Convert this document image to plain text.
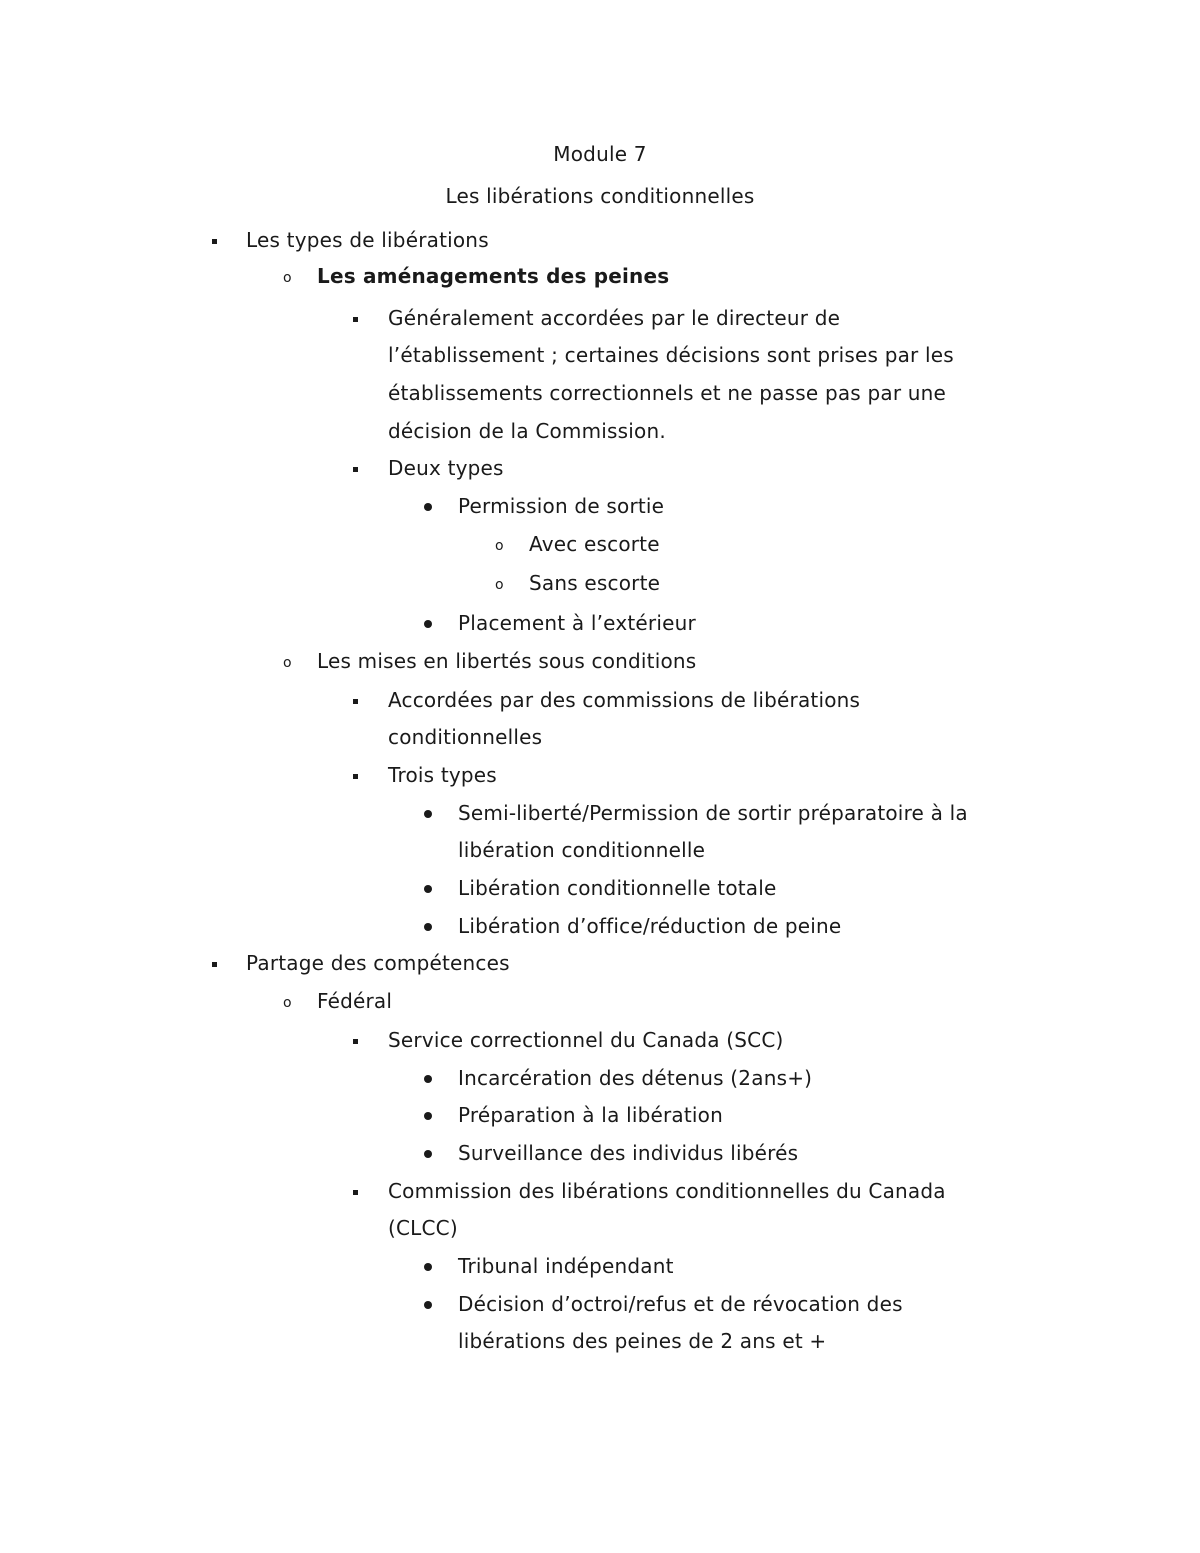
Module 7
Les libérations conditionnelles
Les types de libérations
o Les aménagements des peines
Généralement accordées par le directeur de
l’établissement ; certaines décisions sont prises par les
établissements correctionnels et ne passe pas par une
décision de la Commission.
Deux types
Permission de sortie
o Avec escorte
o Sans escorte
Placement à l’extérieur
o Les mises en libertés sous conditions
Accordées par des commissions de libérations
conditionnelles
Trois types
Semi-liberté/Permission de sortir préparatoire à la
libération conditionnelle
Libération conditionnelle totale
Libération d’office/réduction de peine
Partage des compétences
o Fédéral
Service correctionnel du Canada (SCC)
Incarcération des détenus (2ans+)
Préparation à la libération
Surveillance des individus libérés
Commission des libérations conditionnelles du Canada
(CLCC)
Tribunal indépendant
Décision d’octroi/refus et de révocation des
libérations des peines de 2 ans et +
